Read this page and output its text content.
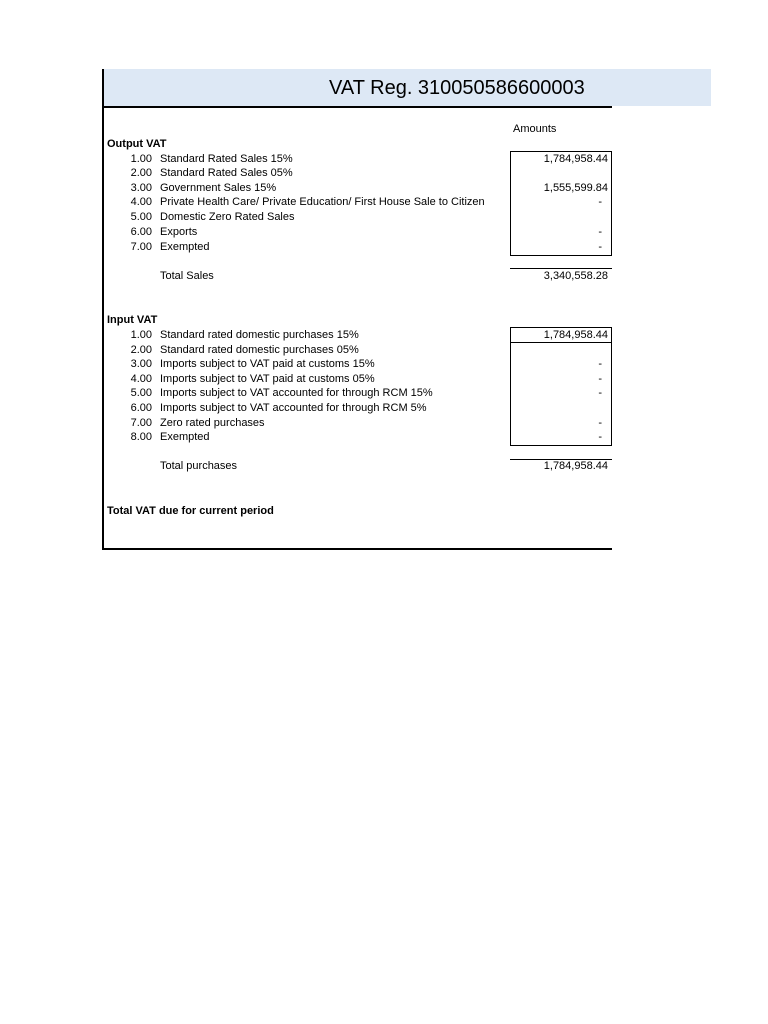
VAT Reg. 310050586600003
Amounts
Output VAT
1.00 Standard Rated Sales 15%	1,784,958.44
2.00 Standard Rated Sales 05%
3.00 Government Sales 15%	1,555,599.84
4.00 Private Health Care/ Private Education/ First House Sale to Citizen	-
5.00 Domestic Zero Rated Sales
6.00 Exports	-
7.00 Exempted	-
Total Sales	3,340,558.28
Input VAT
1.00 Standard rated domestic purchases 15%	1,784,958.44
2.00 Standard rated domestic purchases 05%
3.00 Imports subject to VAT paid at customs 15%	-
4.00 Imports subject to VAT paid at customs 05%	-
5.00 Imports subject to VAT accounted for through RCM 15%	-
6.00 Imports subject to VAT accounted for through RCM 5%
7.00 Zero rated purchases	-
8.00 Exempted	-
Total purchases	1,784,958.44
Total VAT due for current period
